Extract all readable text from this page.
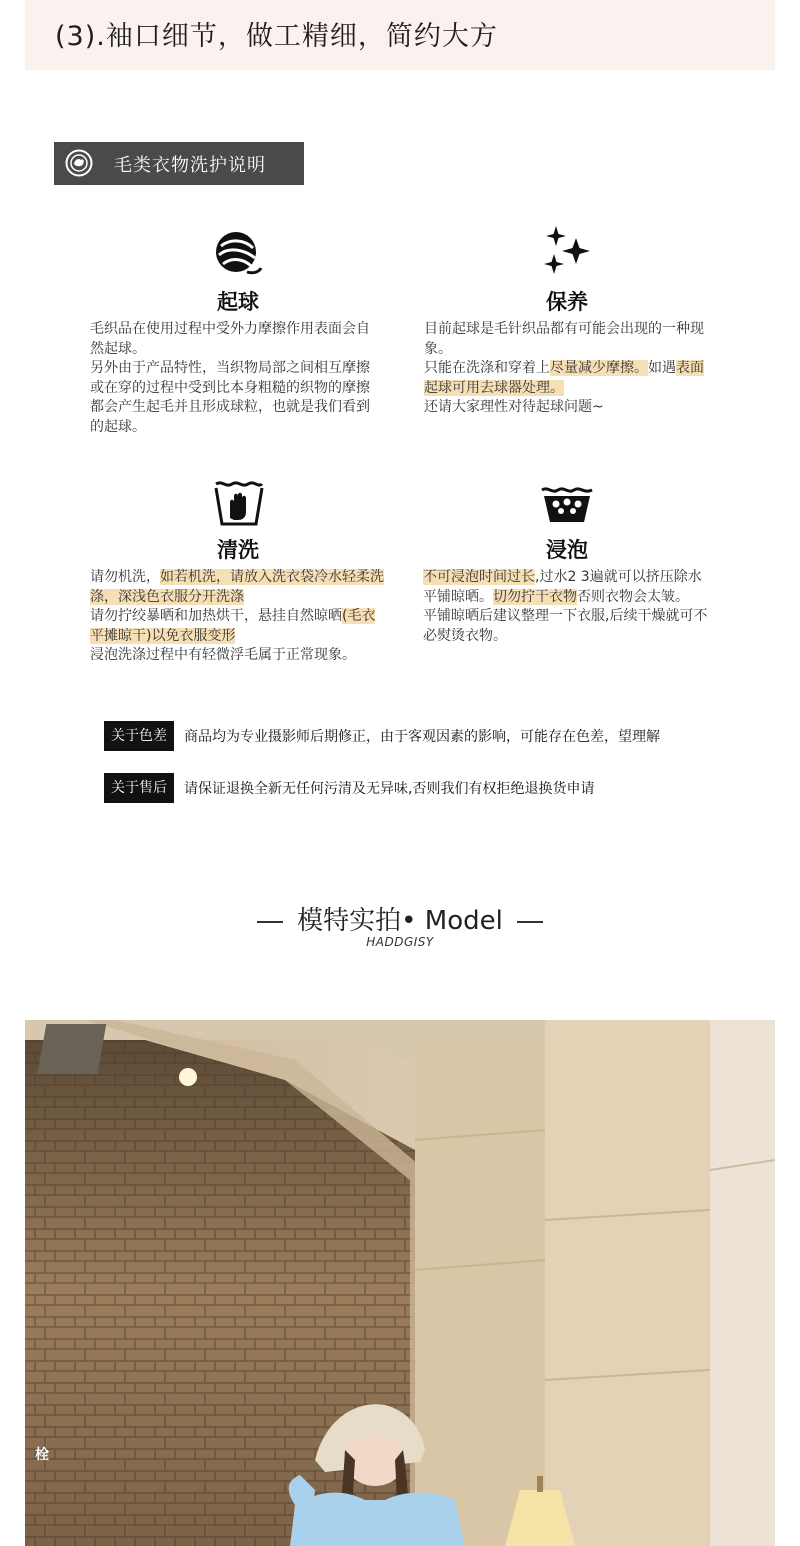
(3).袖口细节，做工精细，简约大方
毛类衣物洗护说明
起球

毛织品在使用过程中受外力摩擦作用表面会自然起球。

另外由于产品特性，当织物局部之间相互摩擦或在穿的过程中受到比本身粗糙的织物的摩擦都会产生起毛并且形成球粒，也就是我们看到的起球。

保养

目前起球是毛针织品都有可能会出现的一种现象。

只能在洗涤和穿着上尽量减少摩擦。如遇表面起球可用去球器处理。

还请大家理性对待起球问题~

清洗

请勿机洗，如若机洗，请放入洗衣袋冷水轻柔洗涤，深浅色衣服分开洗涤

请勿拧绞暴晒和加热烘干，悬挂自然晾晒(毛衣平摊晾干)以免衣服变形

浸泡洗涤过程中有轻微浮毛属于正常现象。

浸泡

不可浸泡时间过长,过水2 3遍就可以挤压除水平铺晾晒。切勿拧干衣物否则衣物会太皱。

平铺晾晒后建议整理一下衣服,后续干燥就可不必熨烫衣物。

关于色差	商品均为专业摄影师后期修正，由于客观因素的影响，可能存在色差，望理解
关于售后	请保证退换全新无任何污清及无异味,否则我们有权拒绝退换货申请
模特实拍• Model
HADDGISY
栓
